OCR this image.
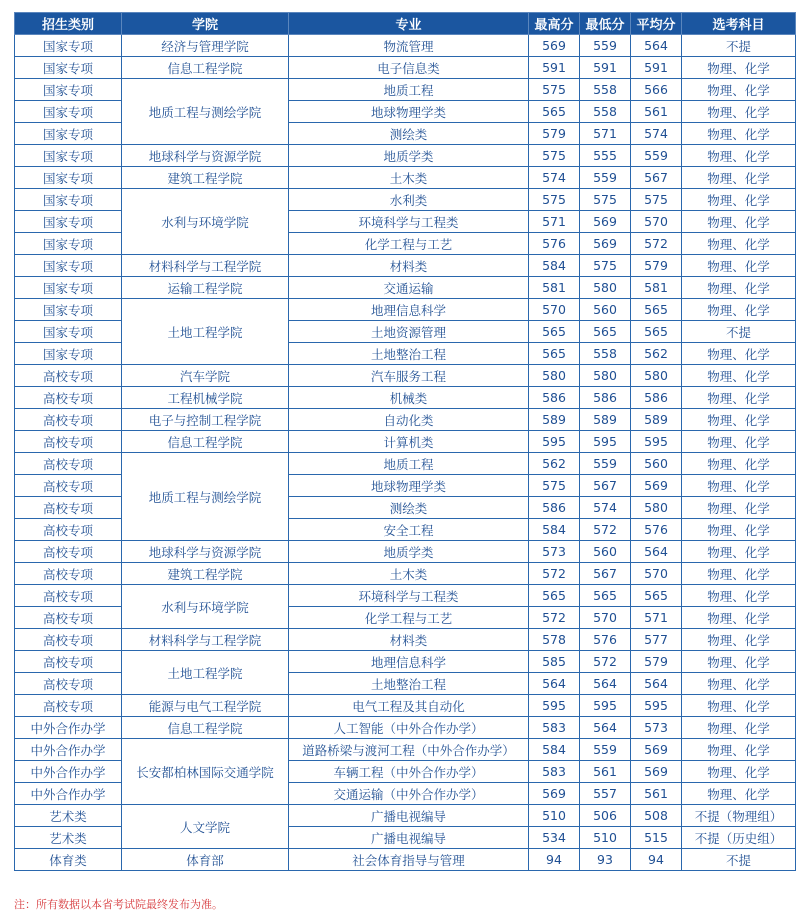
招生类别	学院	专业	最高分	最低分	平均分	选考科目
国家专项	经济与管理学院	物流管理	569	559	564	不提
国家专项	信息工程学院	电子信息类	591	591	591	物理、化学
国家专项	地质工程与测绘学院	地质工程	575	558	566	物理、化学
国家专项		地球物理学类	565	558	561	物理、化学
国家专项		测绘类	579	571	574	物理、化学
国家专项	地球科学与资源学院	地质学类	575	555	559	物理、化学
国家专项	建筑工程学院	土木类	574	559	567	物理、化学
国家专项	水利与环境学院	水利类	575	575	575	物理、化学
国家专项		环境科学与工程类	571	569	570	物理、化学
国家专项		化学工程与工艺	576	569	572	物理、化学
国家专项	材料科学与工程学院	材料类	584	575	579	物理、化学
国家专项	运输工程学院	交通运输	581	580	581	物理、化学
国家专项	土地工程学院	地理信息科学	570	560	565	物理、化学
国家专项		土地资源管理	565	565	565	不提
国家专项		土地整治工程	565	558	562	物理、化学
高校专项	汽车学院	汽车服务工程	580	580	580	物理、化学
高校专项	工程机械学院	机械类	586	586	586	物理、化学
高校专项	电子与控制工程学院	自动化类	589	589	589	物理、化学
高校专项	信息工程学院	计算机类	595	595	595	物理、化学
高校专项	地质工程与测绘学院	地质工程	562	559	560	物理、化学
高校专项		地球物理学类	575	567	569	物理、化学
高校专项		测绘类	586	574	580	物理、化学
高校专项		安全工程	584	572	576	物理、化学
高校专项	地球科学与资源学院	地质学类	573	560	564	物理、化学
高校专项	建筑工程学院	土木类	572	567	570	物理、化学
高校专项	水利与环境学院	环境科学与工程类	565	565	565	物理、化学
高校专项		化学工程与工艺	572	570	571	物理、化学
高校专项	材料科学与工程学院	材料类	578	576	577	物理、化学
高校专项	土地工程学院	地理信息科学	585	572	579	物理、化学
高校专项		土地整治工程	564	564	564	物理、化学
高校专项	能源与电气工程学院	电气工程及其自动化	595	595	595	物理、化学
中外合作办学	信息工程学院	人工智能（中外合作办学）	583	564	573	物理、化学
中外合作办学	长安都柏林国际交通学院	道路桥梁与渡河工程（中外合作办学）	584	559	569	物理、化学
中外合作办学		车辆工程（中外合作办学）	583	561	569	物理、化学
中外合作办学		交通运输（中外合作办学）	569	557	561	物理、化学
艺术类	人文学院	广播电视编导	510	506	508	不提（物理组）
艺术类		广播电视编导	534	510	515	不提（历史组）
体育类	体育部	社会体育指导与管理	94	93	94	不提
注：所有数据以本省考试院最终发布为准。
